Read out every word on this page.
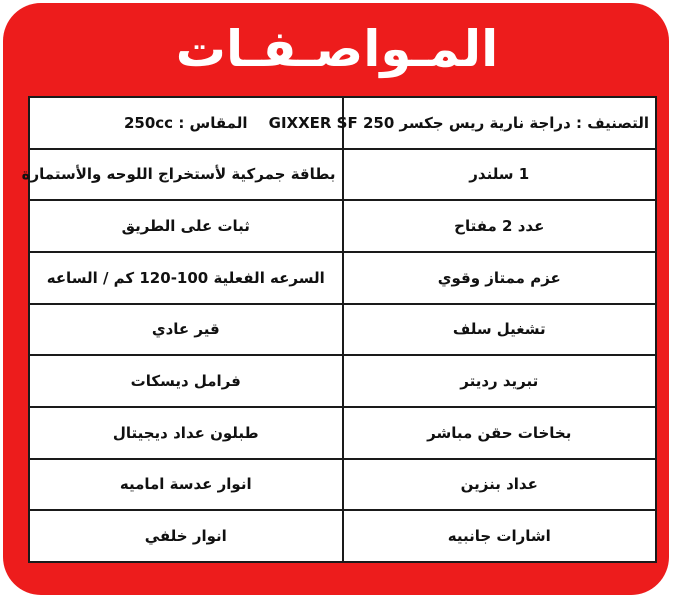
المـواصـفـات
التصنيف : دراجة نارية ريس جكسر GIXXER SF 250	المقاس : 250cc
1 سلندر	بطاقة جمركية لأستخراج اللوحه والأستمارة
عدد 2 مفتاح	ثبات على الطريق
عزم ممتاز وقوي	السرعه الفعلية 100-120 كم / الساعه
تشغيل سلف	قير عادي
تبريد رديتر	فرامل ديسكات
بخاخات حقن مباشر	طبلون عداد ديجيتال
عداد بنزين	انوار عدسة اماميه
اشارات جانبيه	انوار خلفي
